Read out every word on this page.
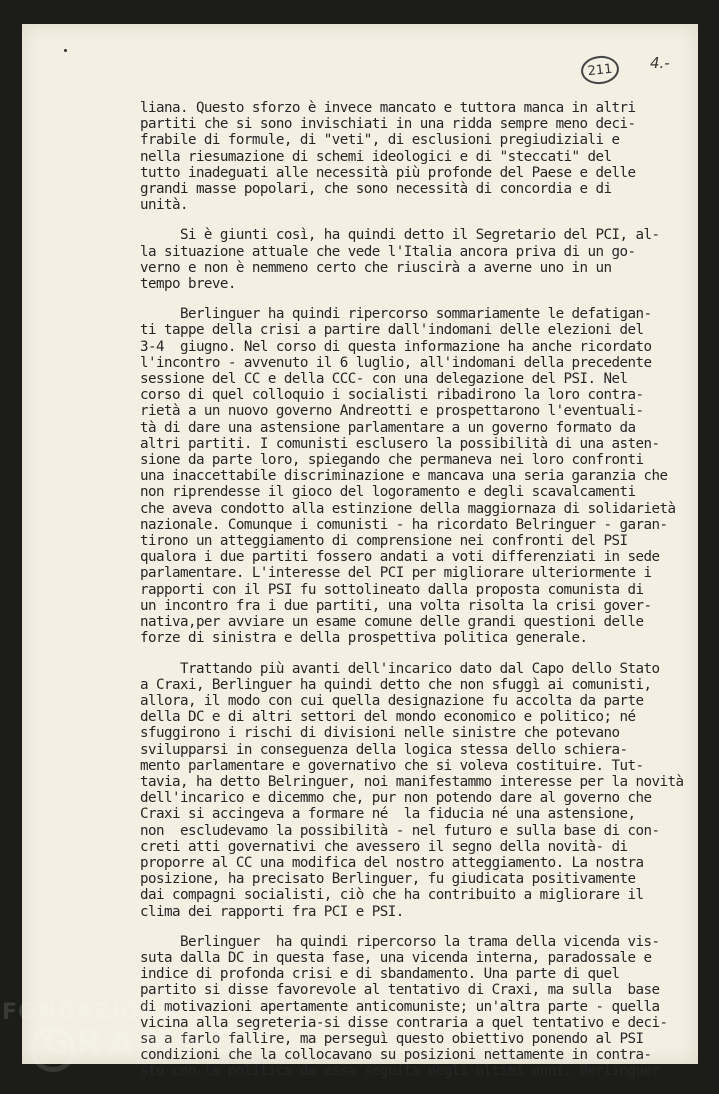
211	4.-
liana. Questo sforzo è invece mancato e tuttora manca in altri
partiti che si sono invischiati in una ridda sempre meno deci-
frabile di formule, di "veti", di esclusioni pregiudiziali e
nella riesumazione di schemi ideologici e di "steccati" del
tutto inadeguati alle necessità più profonde del Paese e delle
grandi masse popolari, che sono necessità di concordia e di
unità.
Si è giunti così, ha quindi detto il Segretario del PCI, al-
la situazione attuale che vede l'Italia ancora priva di un go-
verno e non è nemmeno certo che riuscirà a averne uno in un
tempo breve.
Berlinguer ha quindi ripercorso sommariamente le defatigan-
ti tappe della crisi a partire dall'indomani delle elezioni del
3-4  giugno. Nel corso di questa informazione ha anche ricordato
l'incontro - avvenuto il 6 luglio, all'indomani della precedente
sessione del CC e della CCC- con una delegazione del PSI. Nel
corso di quel colloquio i socialisti ribadirono la loro contra-
rietà a un nuovo governo Andreotti e prospettarono l'eventuali-
tà di dare una astensione parlamentare a un governo formato da
altri partiti. I comunisti esclusero la possibilità di una asten-
sione da parte loro, spiegando che permaneva nei loro confronti
una inaccettabile discriminazione e mancava una seria garanzia che
non riprendesse il gioco del logoramento e degli scavalcamenti
che aveva condotto alla estinzione della maggiornaza di solidarietà
nazionale. Comunque i comunisti - ha ricordato Belringuer - garan-
tirono un atteggiamento di comprensione nei confronti del PSI
qualora i due partiti fossero andati a voti differenziati in sede
parlamentare. L'interesse del PCI per migliorare ulteriormente i
rapporti con il PSI fu sottolineato dalla proposta comunista di
un incontro fra i due partiti, una volta risolta la crisi gover-
nativa,per avviare un esame comune delle grandi questioni delle
forze di sinistra e della prospettiva politica generale.
Trattando più avanti dell'incarico dato dal Capo dello Stato
a Craxi, Berlinguer ha quindi detto che non sfuggì ai comunisti,
allora, il modo con cui quella designazione fu accolta da parte
della DC e di altri settori del mondo economico e politico; né
sfuggirono i rischi di divisioni nelle sinistre che potevano
svilupparsi in conseguenza della logica stessa dello schiera-
mento parlamentare e governativo che si voleva costituire. Tut-
tavia, ha detto Belringuer, noi manifestammo interesse per la novità
dell'incarico e dicemmo che, pur non potendo dare al governo che
Craxi si accingeva a formare né  la fiducia né una astensione,
non  escludevamo la possibilità - nel futuro e sulla base di con-
creti atti governativi che avessero il segno della novità- di
proporre al CC una modifica del nostro atteggiamento. La nostra
posizione, ha precisato Berlinguer, fu giudicata positivamente
dai compagni socialisti, ciò che ha contribuito a migliorare il
clima dei rapporti fra PCI e PSI.
Berlinguer  ha quindi ripercorso la trama della vicenda vis-
suta dalla DC in questa fase, una vicenda interna, paradossale e
indice di profonda crisi e di sbandamento. Una parte di quel
partito si disse favorevole al tentativo di Craxi, ma sulla  base
di motivazioni apertamente anticomuniste; un'altra parte - quella
vicina alla segreteria-si disse contraria a quel tentativo e deci-
sa a farlo fallire, ma perseguì questo obiettivo ponendo al PSI
condizioni che la collocavano su posizioni nettamente in contra-
sto con la politica da essa seguita negli ultimi anni. Berlinguer
FONDAZIONE
GRAMSCI
